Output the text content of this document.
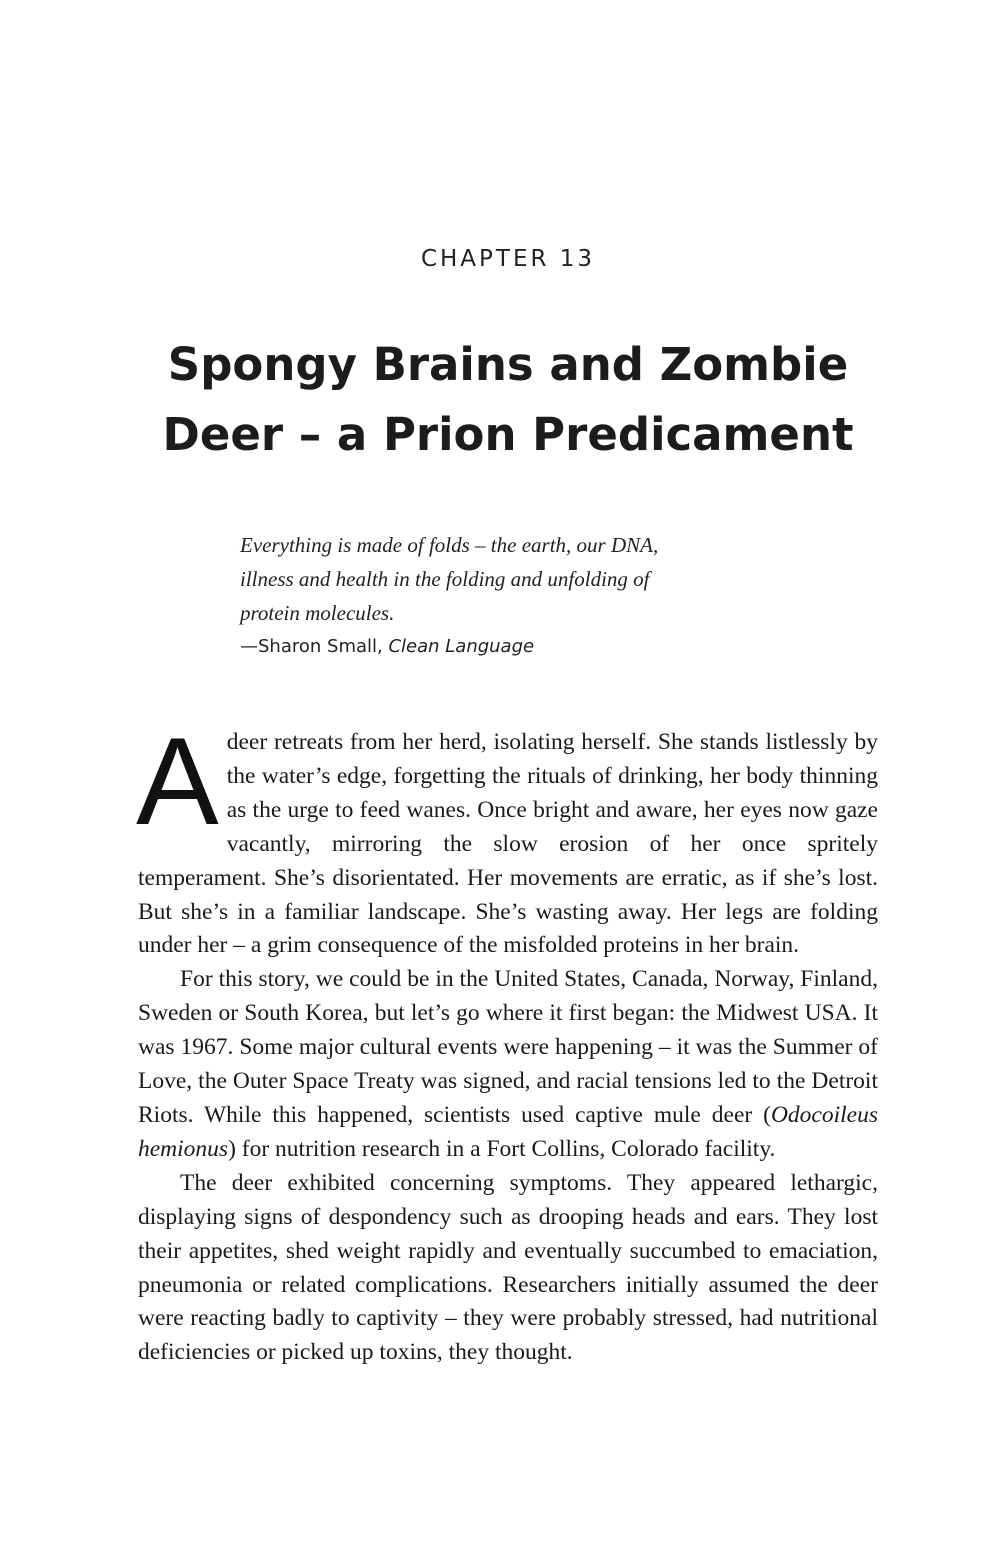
CHAPTER 13
Spongy Brains and Zombie
Deer – a Prion Predicament

Everything is made of folds – the earth, our DNA,
illness and health in the folding and unfolding of
protein molecules.

—Sharon Small, Clean Language

A deer retreats from her herd, isolating herself. She stands listlessly by the water’s edge, forgetting the rituals of drinking, her body thinning as the urge to feed wanes. Once bright and aware, her eyes now gaze vacantly, mirroring the slow erosion of her once spritely temperament. She’s disorientated. Her movements are erratic, as if she’s lost. But she’s in a familiar landscape. She’s wasting away. Her legs are folding under her – a grim consequence of the misfolded proteins in her brain.

For this story, we could be in the United States, Canada, Norway, Finland, Sweden or South Korea, but let’s go where it first began: the Midwest USA. It was 1967. Some major cultural events were happening – it was the Summer of Love, the Outer Space Treaty was signed, and racial tensions led to the Detroit Riots. While this happened, scientists used captive mule deer (Odocoileus hemionus) for nutrition research in a Fort Collins, Colorado facility.

The deer exhibited concerning symptoms. They appeared lethargic, displaying signs of despondency such as drooping heads and ears. They lost their appetites, shed weight rapidly and eventually succumbed to emaciation, pneumonia or related complications. Researchers initially assumed the deer were reacting badly to captivity – they were probably stressed, had nutritional deficiencies or picked up toxins, they thought.
